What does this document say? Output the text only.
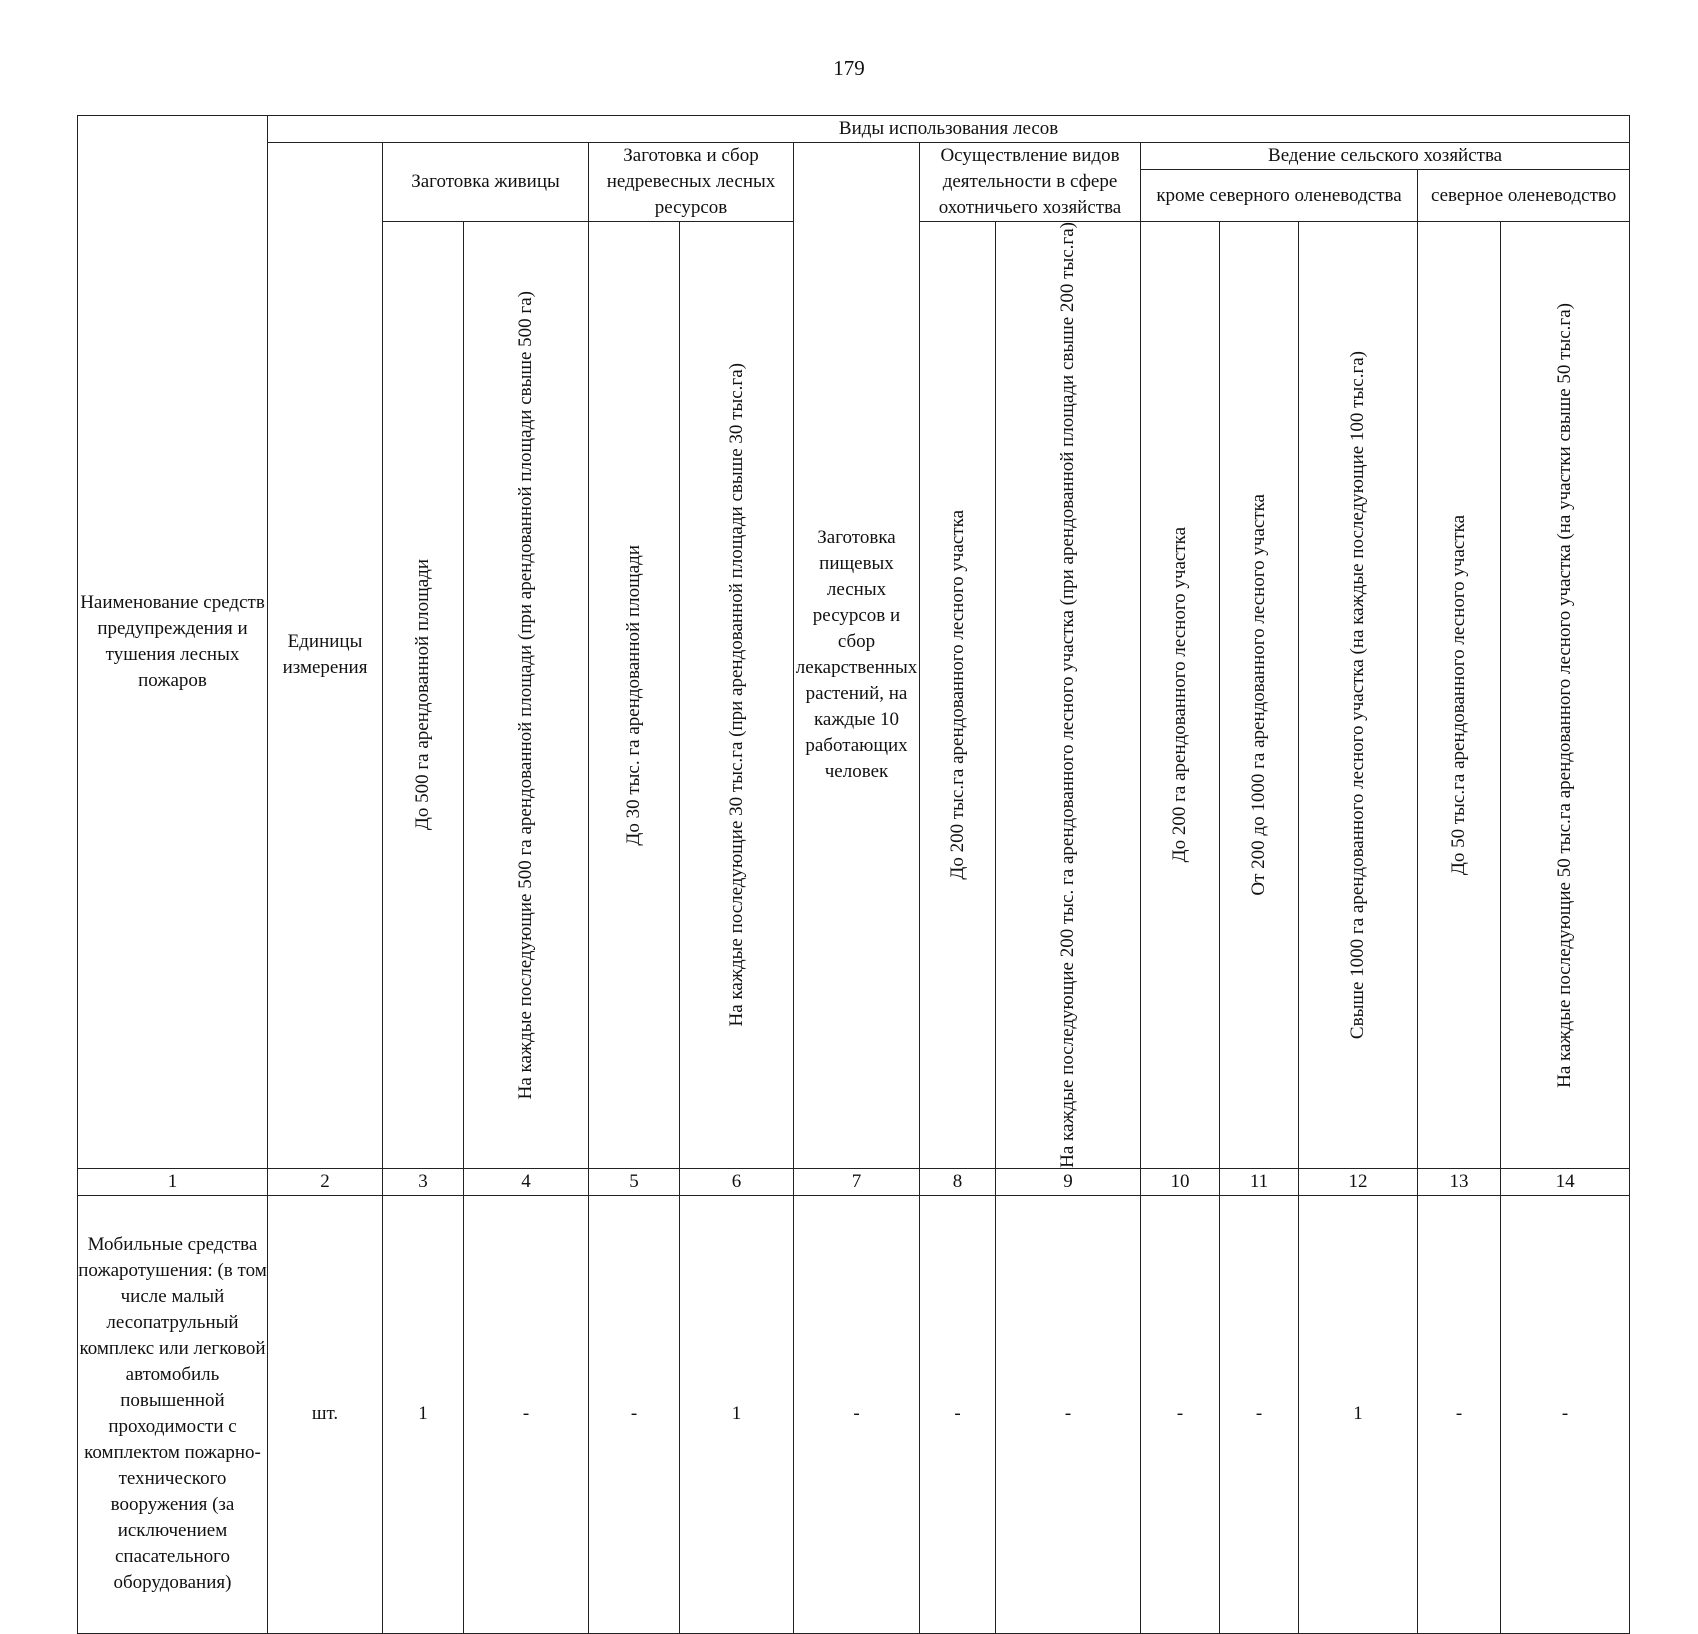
179
Наименование средств предупреждения и тушения лесных пожаров	Виды использования лесов												
	Единицы измерения	Заготовка живицы		Заготовка и сбор недревесных лесных ресурсов		Заготовка пищевых лесных ресурсов и сбор лекарственных растений, на каждые 10 работающих человек	Осуществление видов деятельности в сфере охотничьего хозяйства		Ведение сельского хозяйства				
									кроме северного оленеводства			северное оленеводство	

		До 500 га арендованной площади	На каждые последующие 500 га арендованной площади (при арендованной площади свыше 500 га)	До 30 тыс. га арендованной площади	На каждые последующие 30 тыс.га (при арендованной площади свыше 30 тыс.га)		До 200 тыс.га арендованного лесного участка	На каждые последующие 200 тыс. га арендованного лесного участка (при арендованной площади свыше 200 тыс.га)	До 200 га арендованного лесного участка	От 200 до 1000 га арендованного лесного участка	Свыше 1000 га арендованного лесного участка (на каждые последующие 100 тыс.га)	До 50 тыс.га арендованного лесного участка	На каждые последующие 50 тыс.га арендованного лесного участка (на участки свыше 50 тыс.га)

1	2	3	4	5	6	7	8	9	10	11	12	13	14
Мобильные средства пожаротушения: (в том числе малый лесопатрульный комплекс или легковой автомобиль повышенной проходимости с комплектом пожарно-технического вооружения (за исключением спасательного оборудования)	шт.	1	-	-	1	-	-	-	-	-	1	-	-
